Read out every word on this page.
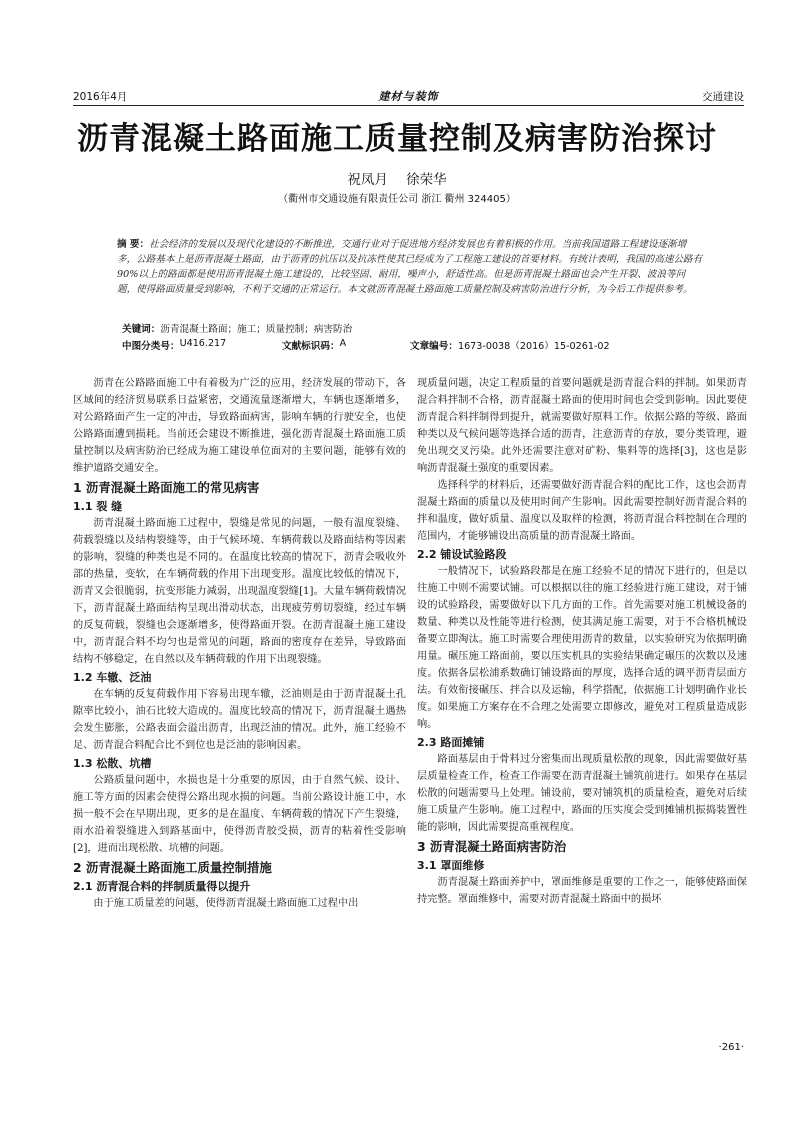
2016年4月	建材与装饰	交通建设
沥青混凝土路面施工质量控制及病害防治探讨
祝凤月 徐荣华
（衢州市交通设施有限责任公司 浙江 衢州 324405）
摘 要：社会经济的发展以及现代化建设的不断推进，交通行业对于促进地方经济发展也有着积极的作用。当前我国道路工程建设逐渐增多，公路基本上是沥青混凝土路面，由于沥青的抗压以及抗冻性使其已经成为了工程施工建设的首要材料。有统计表明，我国的高速公路有90%以上的路面都是使用沥青混凝土施工建设的，比较坚固、耐用，噪声小，舒适性高。但是沥青混凝土路面也会产生开裂、波浪等问题，使得路面质量受到影响，不利于交通的正常运行。本文就沥青混凝土路面施工质量控制及病害防治进行分析，为今后工作提供参考。
关键词：沥青混凝土路面；施工；质量控制；病害防治
中图分类号： U416.217	文献标识码： A	文章编号： 1673-0038（2016）15-0261-02

沥青在公路路面施工中有着极为广泛的应用，经济发展的带动下，各区域间的经济贸易联系日益紧密，交通流量逐渐增大，车辆也逐渐增多，对公路路面产生一定的冲击，导致路面病害，影响车辆的行驶安全，也使公路路面遭到损耗。当前还会建设不断推进，强化沥青混凝土路面施工质量控制以及病害防治已经成为施工建设单位面对的主要问题，能够有效的维护道路交通安全。

1 沥青混凝土路面施工的常见病害
1.1 裂 缝

沥青混凝土路面施工过程中，裂缝是常见的问题，一般有温度裂缝、荷载裂缝以及结构裂缝等，由于气候环境、车辆荷载以及路面结构等因素的影响，裂缝的种类也是不同的。在温度比较高的情况下，沥青会吸收外部的热量，变软，在车辆荷载的作用下出现变形。温度比较低的情况下，沥青又会很脆弱，抗变形能力减弱，出现温度裂缝[1]。大量车辆荷载情况下，沥青混凝土路面结构呈现出滑动状态，出现疲劳剪切裂缝，经过车辆的反复荷载，裂缝也会逐渐增多，使得路面开裂。在沥青混凝土施工建设中，沥青混合料不均匀也是常见的问题，路面的密度存在差异，导致路面结构不够稳定，在自然以及车辆荷载的作用下出现裂缝。

1.2 车辙、泛油

在车辆的反复荷载作用下容易出现车辙，泛油则是由于沥青混凝土孔隙率比较小，油石比较大造成的。温度比较高的情况下，沥青混凝土遇热会发生膨胀，公路表面会溢出沥青，出现泛油的情况。此外，施工经验不足、沥青混合料配合比不到位也是泛油的影响因素。

1.3 松散、坑槽

公路质量问题中，水损也是十分重要的原因，由于自然气候、设计、施工等方面的因素会使得公路出现水损的问题。当前公路设计施工中，水损一般不会在早期出现，更多的是在温度、车辆荷载的情况下产生裂缝，雨水沿着裂缝进入到路基面中，使得沥青胶受损，沥青的粘着性受影响[2]，进而出现松散、坑槽的问题。

2 沥青混凝土路面施工质量控制措施
2.1 沥青混合料的拌制质量得以提升

由于施工质量差的问题，使得沥青混凝土路面施工过程中出

现质量问题，决定工程质量的首要问题就是沥青混合料的拌制。如果沥青混合料拌制不合格，沥青混凝土路面的使用时间也会受到影响。因此要使沥青混合料拌制得到提升，就需要做好原料工作。依据公路的等级、路面种类以及气候问题等选择合适的沥青，注意沥青的存放，要分类管理，避免出现交叉污染。此外还需要注意对矿粉、集料等的选择[3]，这也是影响沥青混凝土强度的重要因素。

选择科学的材料后，还需要做好沥青混合料的配比工作，这也会沥青混凝土路面的质量以及使用时间产生影响。因此需要控制好沥青混合料的拌和温度，做好质量、温度以及取样的检测，将沥青混合料控制在合理的范围内，才能够铺设出高质量的沥青混凝土路面。

2.2 铺设试验路段

一般情况下，试验路段都是在施工经验不足的情况下进行的，但是以往施工中则不需要试铺。可以根据以往的施工经验进行施工建设，对于铺设的试验路段，需要做好以下几方面的工作。首先需要对施工机械设备的数量、种类以及性能等进行检测，使其满足施工需要，对于不合格机械设备要立即淘汰。施工时需要合理使用沥青的数量，以实验研究为依据明确用量。碾压施工路面前，要以压实机具的实验结果确定碾压的次数以及速度。依据各层松浦系数确订铺设路面的厚度，选择合适的调平沥青层面方法。有效衔接碾压、拌合以及运输，科学搭配，依据施工计划明确作业长度。如果施工方案存在不合理之处需要立即修改，避免对工程质量造成影响。

2.3 路面摊铺

路面基层由于骨料过分密集而出现质量松散的现象，因此需要做好基层质量检查工作，检查工作需要在沥青混凝土铺筑前进行。如果存在基层松散的问题需要马上处理。铺设前，要对铺筑机的质量检查，避免对后续施工质量产生影响。施工过程中，路面的压实度会受到摊铺机振捣装置性能的影响，因此需要提高重视程度。

3 沥青混凝土路面病害防治
3.1 罩面维修

沥青混凝土路面养护中，罩面维修是重要的工作之一，能够使路面保持完整。罩面维修中，需要对沥青混凝土路面中的损坏

·261·
